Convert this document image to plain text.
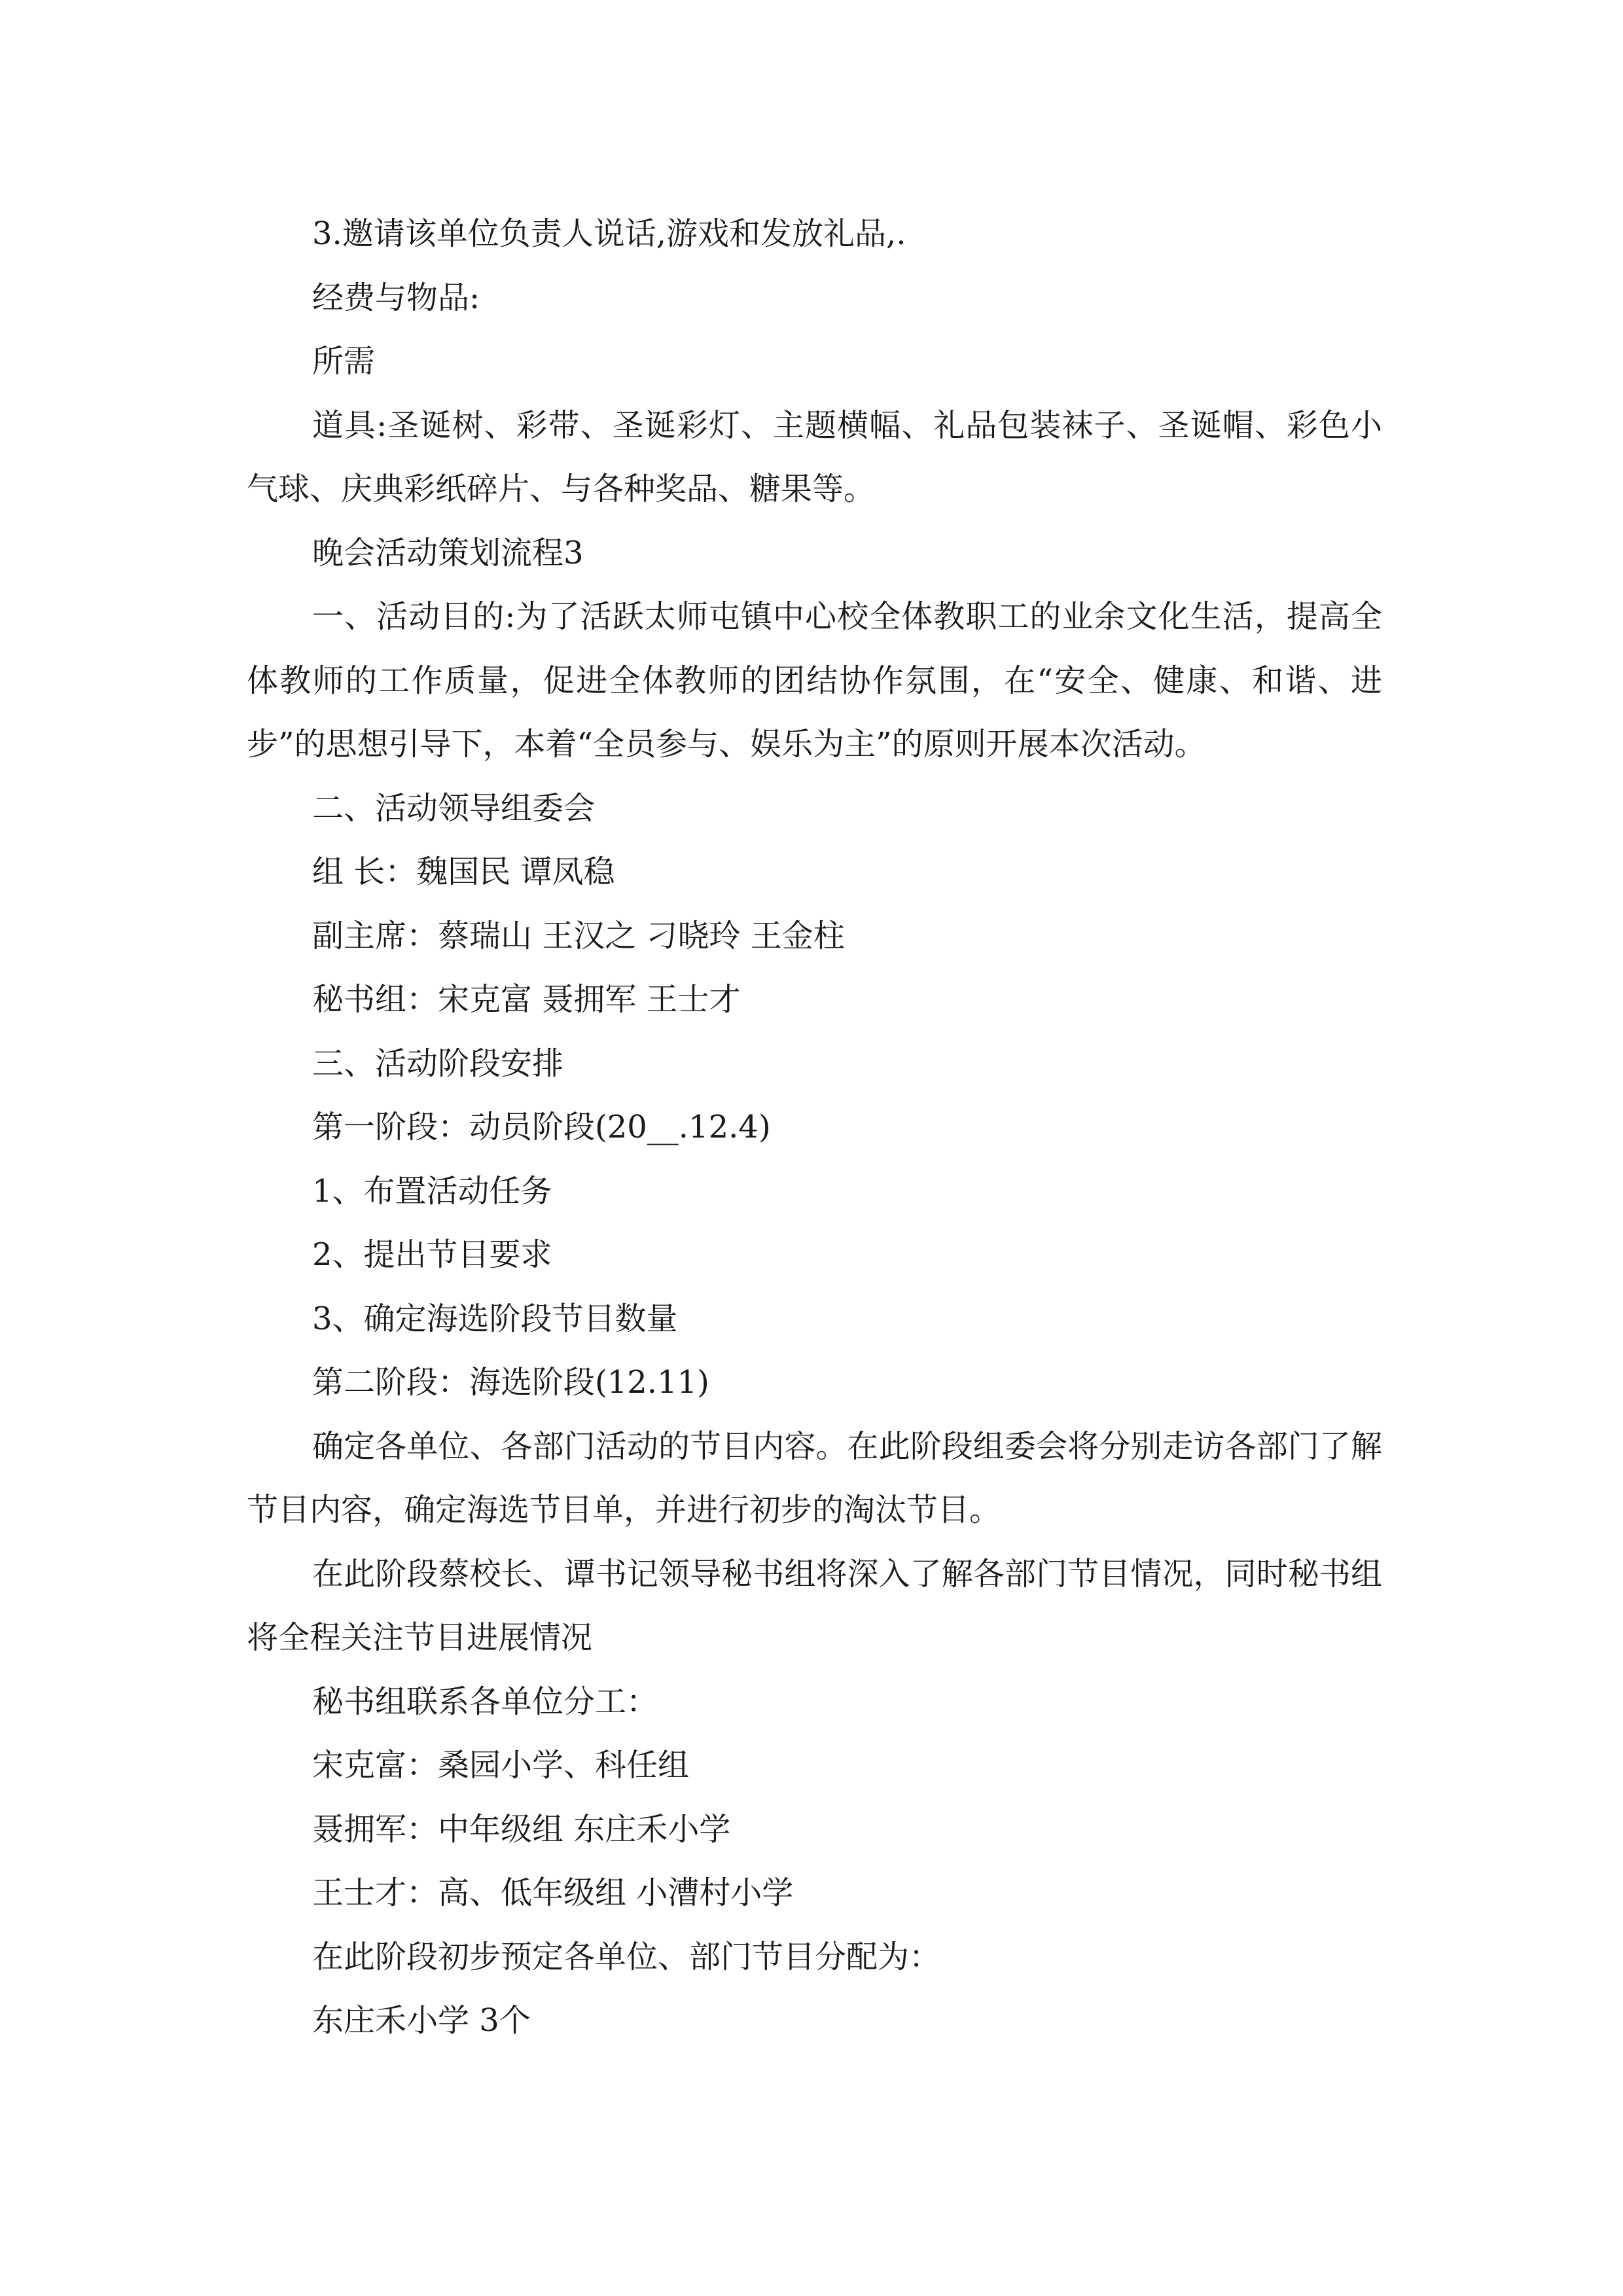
3.邀请该单位负责人说话,游戏和发放礼品,.

经费与物品:

所需

道具:圣诞树、彩带、圣诞彩灯、主题横幅、礼品包装袜子、圣诞帽、彩色小气球、庆典彩纸碎片、与各种奖品、糖果等。

晚会活动策划流程3

一、活动目的:为了活跃太师屯镇中心校全体教职工的业余文化生活，提高全体教师的工作质量，促进全体教师的团结协作氛围，在“安全、健康、和谐、进步”的思想引导下，本着“全员参与、娱乐为主”的原则开展本次活动。

二、活动领导组委会

组 长：魏国民 谭凤稳

副主席：蔡瑞山 王汉之 刁晓玲 王金柱

秘书组：宋克富 聂拥军 王士才

三、活动阶段安排

第一阶段：动员阶段(20__.12.4)

1、布置活动任务

2、提出节目要求

3、确定海选阶段节目数量

第二阶段：海选阶段(12.11)

确定各单位、各部门活动的节目内容。在此阶段组委会将分别走访各部门了解节目内容，确定海选节目单，并进行初步的淘汰节目。

在此阶段蔡校长、谭书记领导秘书组将深入了解各部门节目情况，同时秘书组将全程关注节目进展情况

秘书组联系各单位分工：

宋克富：桑园小学、科任组

聂拥军：中年级组 东庄禾小学

王士才：高、低年级组 小漕村小学

在此阶段初步预定各单位、部门节目分配为：

东庄禾小学 3个
